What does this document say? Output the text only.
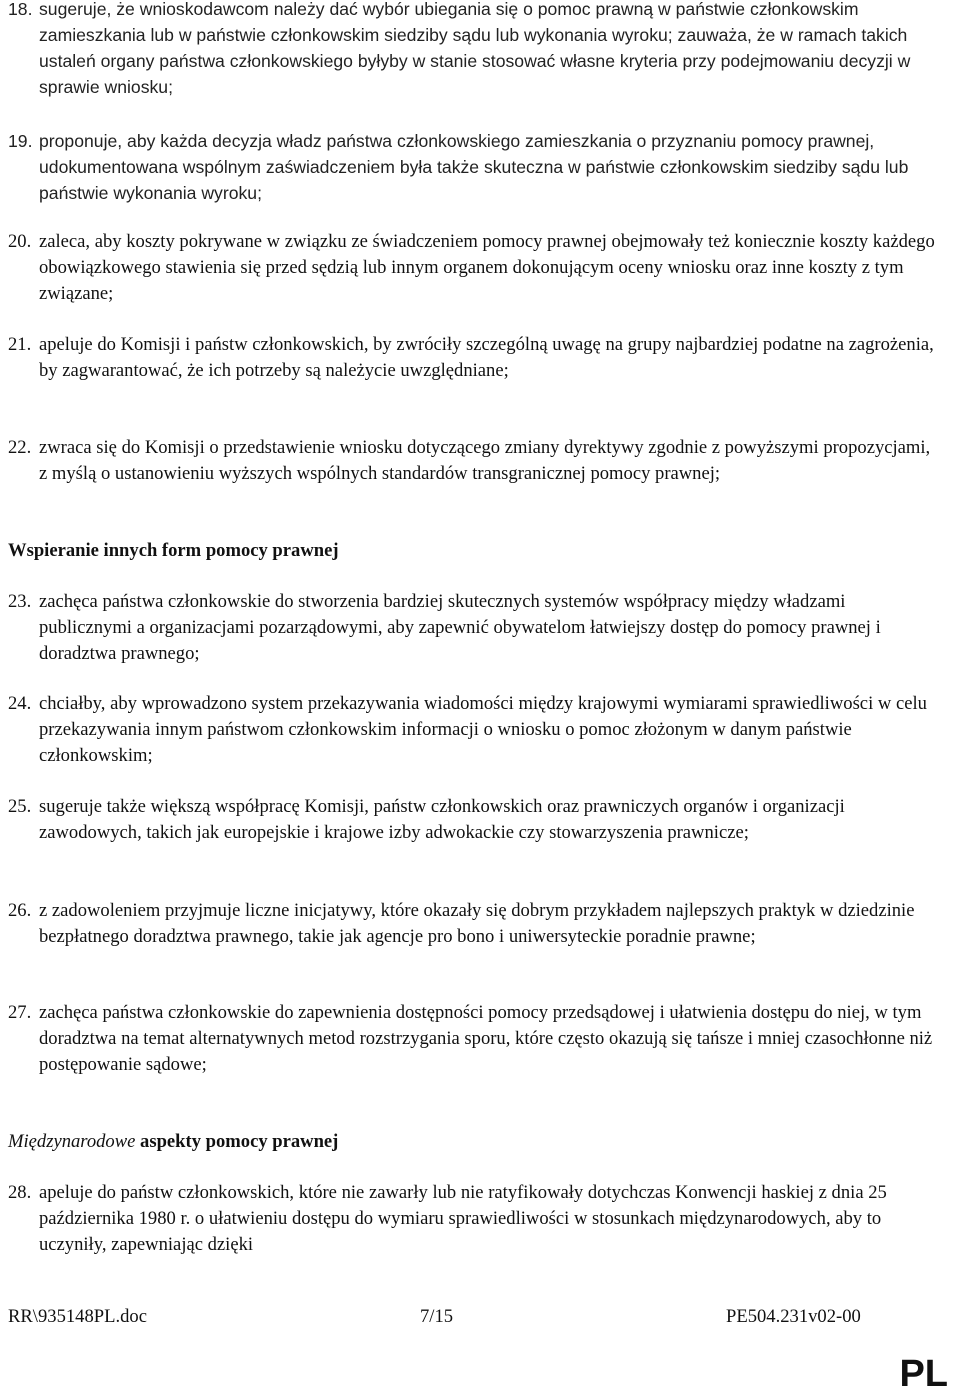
18. sugeruje, że wnioskodawcom należy dać wybór ubiegania się o pomoc prawną w państwie członkowskim zamieszkania lub w państwie członkowskim siedziby sądu lub wykonania wyroku; zauważa, że w ramach takich ustaleń organy państwa członkowskiego byłyby w stanie stosować własne kryteria przy podejmowaniu decyzji w sprawie wniosku;
19. proponuje, aby każda decyzja władz państwa członkowskiego zamieszkania o przyznaniu pomocy prawnej, udokumentowana wspólnym zaświadczeniem była także skuteczna w państwie członkowskim siedziby sądu lub państwie wykonania wyroku;
20. zaleca, aby koszty pokrywane w związku ze świadczeniem pomocy prawnej obejmowały też koniecznie koszty każdego obowiązkowego stawienia się przed sędzią lub innym organem dokonującym oceny wniosku oraz inne koszty z tym związane;
21. apeluje do Komisji i państw członkowskich, by zwróciły szczególną uwagę na grupy najbardziej podatne na zagrożenia, by zagwarantować, że ich potrzeby są należycie uwzględniane;
22. zwraca się do Komisji o przedstawienie wniosku dotyczącego zmiany dyrektywy zgodnie z powyższymi propozycjami, z myślą o ustanowieniu wyższych wspólnych standardów transgranicznej pomocy prawnej;
Wspieranie innych form pomocy prawnej
23. zachęca państwa członkowskie do stworzenia bardziej skutecznych systemów współpracy między władzami publicznymi a organizacjami pozarządowymi, aby zapewnić obywatelom łatwiejszy dostęp do pomocy prawnej i doradztwa prawnego;
24. chciałby, aby wprowadzono system przekazywania wiadomości między krajowymi wymiarami sprawiedliwości w celu przekazywania innym państwom członkowskim informacji o wniosku o pomoc złożonym w danym państwie członkowskim;
25. sugeruje także większą współpracę Komisji, państw członkowskich oraz prawniczych organów i organizacji zawodowych, takich jak europejskie i krajowe izby adwokackie czy stowarzyszenia prawnicze;
26. z zadowoleniem przyjmuje liczne inicjatywy, które okazały się dobrym przykładem najlepszych praktyk w dziedzinie bezpłatnego doradztwa prawnego, takie jak agencje pro bono i uniwersyteckie poradnie prawne;
27. zachęca państwa członkowskie do zapewnienia dostępności pomocy przedsądowej i ułatwienia dostępu do niej, w tym doradztwa na temat alternatywnych metod rozstrzygania sporu, które często okazują się tańsze i mniej czasochłonne niż postępowanie sądowe;
Międzynarodowe aspekty pomocy prawnej
28. apeluje do państw członkowskich, które nie zawarły lub nie ratyfikowały dotychczas Konwencji haskiej z dnia 25 października 1980 r. o ułatwieniu dostępu do wymiaru sprawiedliwości w stosunkach międzynarodowych, aby to uczyniły, zapewniając dzięki
RR\935148PL.doc	7/15	PE504.231v02-00
PL
